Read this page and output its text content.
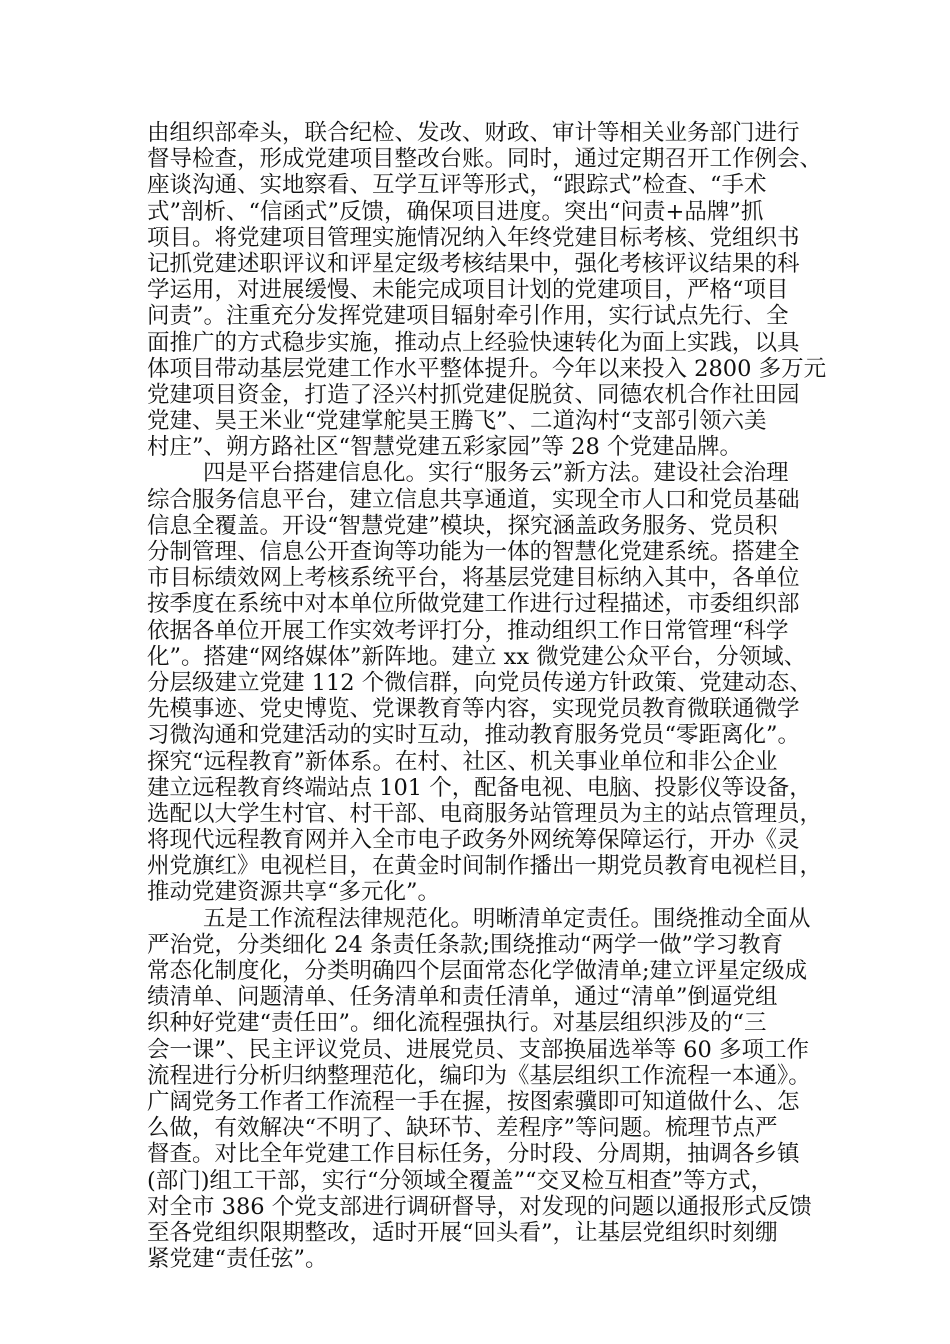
由组织部牵头，联合纪检、发改、财政、审计等相关业务部门进行
督导检查，形成党建项目整改台账。同时，通过定期召开工作例会、
座谈沟通、实地察看、互学互评等形式，“跟踪式”检查、“手术
式”剖析、“信函式”反馈，确保项目进度。突出“问责+品牌”抓
项目。将党建项目管理实施情况纳入年终党建目标考核、党组织书
记抓党建述职评议和评星定级考核结果中，强化考核评议结果的科
学运用，对进展缓慢、未能完成项目计划的党建项目，严格“项目
问责”。注重充分发挥党建项目辐射牵引作用，实行试点先行、全
面推广的方式稳步实施，推动点上经验快速转化为面上实践，以具
体项目带动基层党建工作水平整体提升。今年以来投入 2800 多万元
党建项目资金，打造了泾兴村抓党建促脱贫、同德农机合作社田园
党建、昊王米业“党建掌舵昊王腾飞”、二道沟村“支部引领六美
村庄”、朔方路社区“智慧党建五彩家园”等 28 个党建品牌。
四是平台搭建信息化。实行“服务云”新方法。建设社会治理
综合服务信息平台，建立信息共享通道，实现全市人口和党员基础
信息全覆盖。开设“智慧党建”模块，探究涵盖政务服务、党员积
分制管理、信息公开查询等功能为一体的智慧化党建系统。搭建全
市目标绩效网上考核系统平台，将基层党建目标纳入其中，各单位
按季度在系统中对本单位所做党建工作进行过程描述，市委组织部
依据各单位开展工作实效考评打分，推动组织工作日常管理“科学
化”。搭建“网络媒体”新阵地。建立 xx 微党建公众平台，分领域、
分层级建立党建 112 个微信群，向党员传递方针政策、党建动态、
先模事迹、党史博览、党课教育等内容，实现党员教育微联通微学
习微沟通和党建活动的实时互动，推动教育服务党员“零距离化”。
探究“远程教育”新体系。在村、社区、机关事业单位和非公企业
建立远程教育终端站点 101 个，配备电视、电脑、投影仪等设备，
选配以大学生村官、村干部、电商服务站管理员为主的站点管理员，
将现代远程教育网并入全市电子政务外网统筹保障运行，开办《灵
州党旗红》电视栏目，在黄金时间制作播出一期党员教育电视栏目，
推动党建资源共享“多元化”。
五是工作流程法律规范化。明晰清单定责任。围绕推动全面从
严治党，分类细化 24 条责任条款;围绕推动“两学一做”学习教育
常态化制度化，分类明确四个层面常态化学做清单;建立评星定级成
绩清单、问题清单、任务清单和责任清单，通过“清单”倒逼党组
织种好党建“责任田”。细化流程强执行。对基层组织涉及的“三
会一课”、民主评议党员、进展党员、支部换届选举等 60 多项工作
流程进行分析归纳整理范化，编印为《基层组织工作流程一本通》。
广阔党务工作者工作流程一手在握，按图索骥即可知道做什么、怎
么做，有效解决“不明了、缺环节、差程序”等问题。梳理节点严
督查。对比全年党建工作目标任务，分时段、分周期，抽调各乡镇
(部门)组工干部，实行“分领域全覆盖”“交叉检互相查”等方式，
对全市 386 个党支部进行调研督导，对发现的问题以通报形式反馈
至各党组织限期整改，适时开展“回头看”，让基层党组织时刻绷
紧党建“责任弦”。
